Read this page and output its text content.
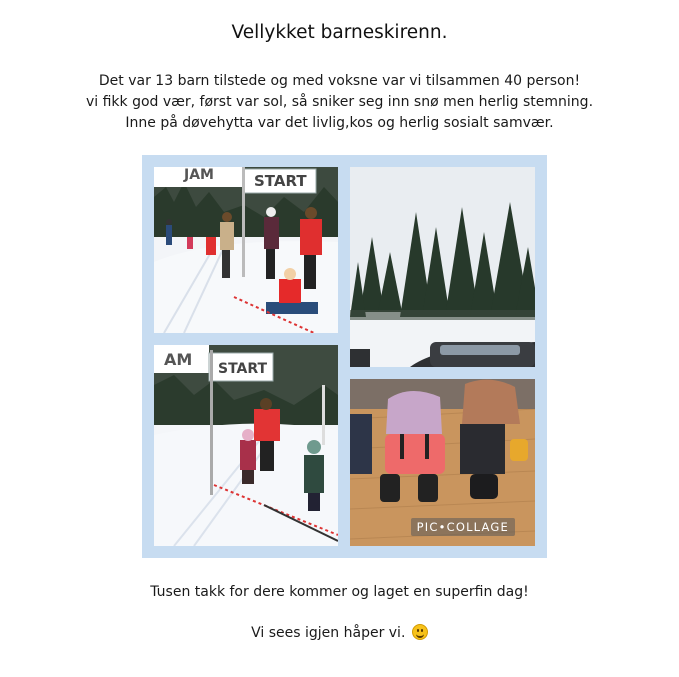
Vellykket barneskirenn.
Det var 13 barn tilstede og med voksne var vi tilsammen 40 person!
vi fikk god vær, først var sol, så sniker seg inn snø men herlig stemning.
Inne på døvehytta var det livlig,kos og herlig sosialt samvær.
START
JAM
AM START
PIC•COLLAGE
Tusen takk for dere kommer og laget en superfin dag!
Vi sees igjen håper vi.
